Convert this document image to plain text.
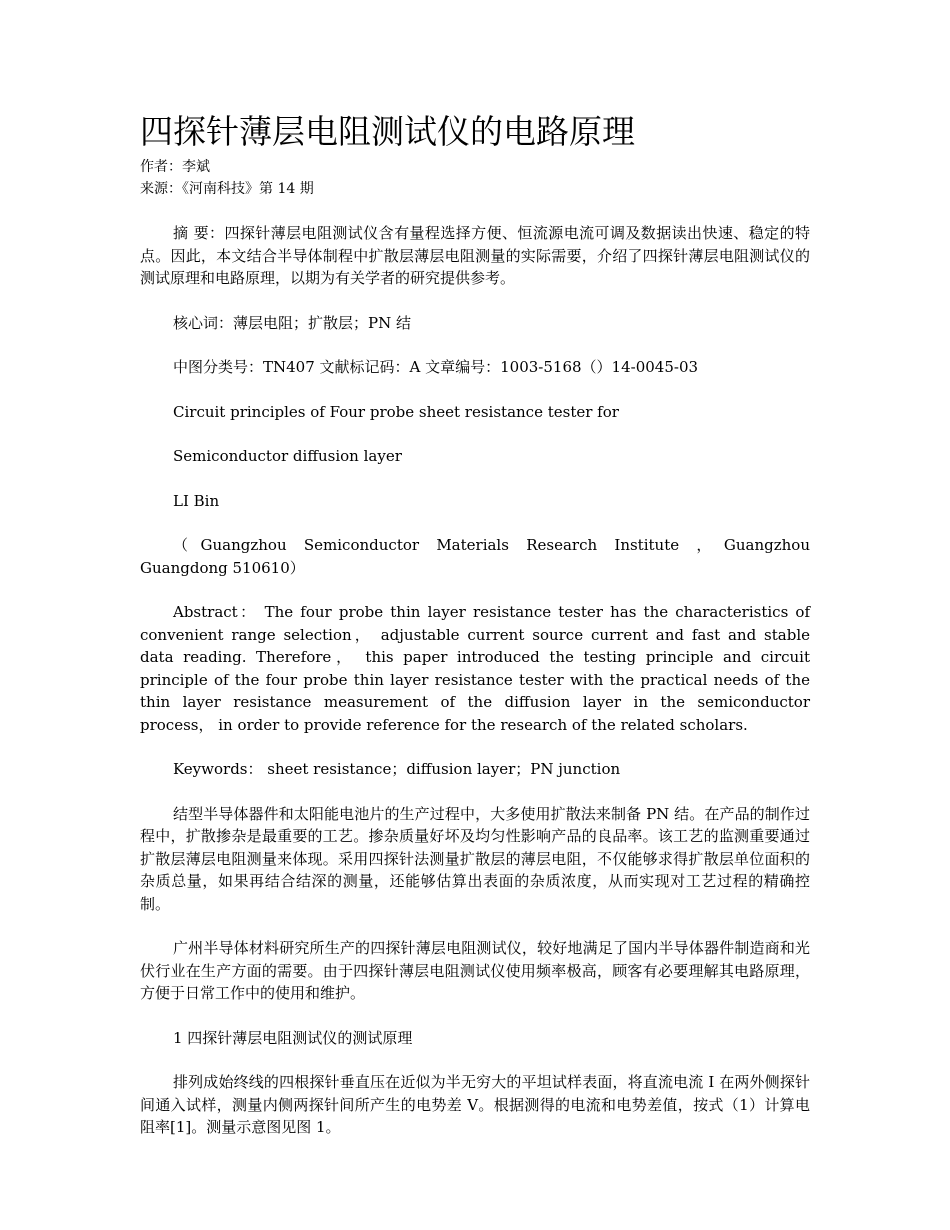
四探针薄层电阻测试仪的电路原理

作者：李斌

来源：《河南科技》第 14 期

摘 要：四探针薄层电阻测试仪含有量程选择方便、恒流源电流可调及数据读出快速、稳定的特点。因此，本文结合半导体制程中扩散层薄层电阻测量的实际需要，介绍了四探针薄层电阻测试仪的测试原理和电路原理，以期为有关学者的研究提供参考。

核心词：薄层电阻；扩散层；PN 结

中图分类号：TN407 文献标记码：A 文章编号：1003-5168（）14-0045-03

Circuit principles of Four probe sheet resistance tester for

Semiconductor diffusion layer

LI Bin

（Guangzhou Semiconductor Materials Research Institute ，Guangzhou Guangdong 510610）

Abstract： The four probe thin layer resistance tester has the characteristics of convenient range selection， adjustable current source current and fast and stable data reading. Therefore， this paper introduced the testing principle and circuit principle of the four probe thin layer resistance tester with the practical needs of the thin layer resistance measurement of the diffusion layer in the semiconductor process， in order to provide reference for the research of the related scholars.

Keywords： sheet resistance；diffusion layer；PN junction

结型半导体器件和太阳能电池片的生产过程中，大多使用扩散法来制备 PN 结。在产品的制作过程中，扩散掺杂是最重要的工艺。掺杂质量好坏及均匀性影响产品的良品率。该工艺的监测重要通过扩散层薄层电阻测量来体现。采用四探针法测量扩散层的薄层电阻，不仅能够求得扩散层单位面积的杂质总量，如果再结合结深的测量，还能够估算出表面的杂质浓度，从而实现对工艺过程的精确控制。

广州半导体材料研究所生产的四探针薄层电阻测试仪，较好地满足了国内半导体器件制造商和光伏行业在生产方面的需要。由于四探针薄层电阻测试仪使用频率极高，顾客有必要理解其电路原理，方便于日常工作中的使用和维护。

1 四探针薄层电阻测试仪的测试原理

排列成始终线的四根探针垂直压在近似为半无穷大的平坦试样表面，将直流电流 I 在两外侧探针间通入试样，测量内侧两探针间所产生的电势差 V。根据测得的电流和电势差值，按式（1）计算电阻率[1]。测量示意图见图 1。
